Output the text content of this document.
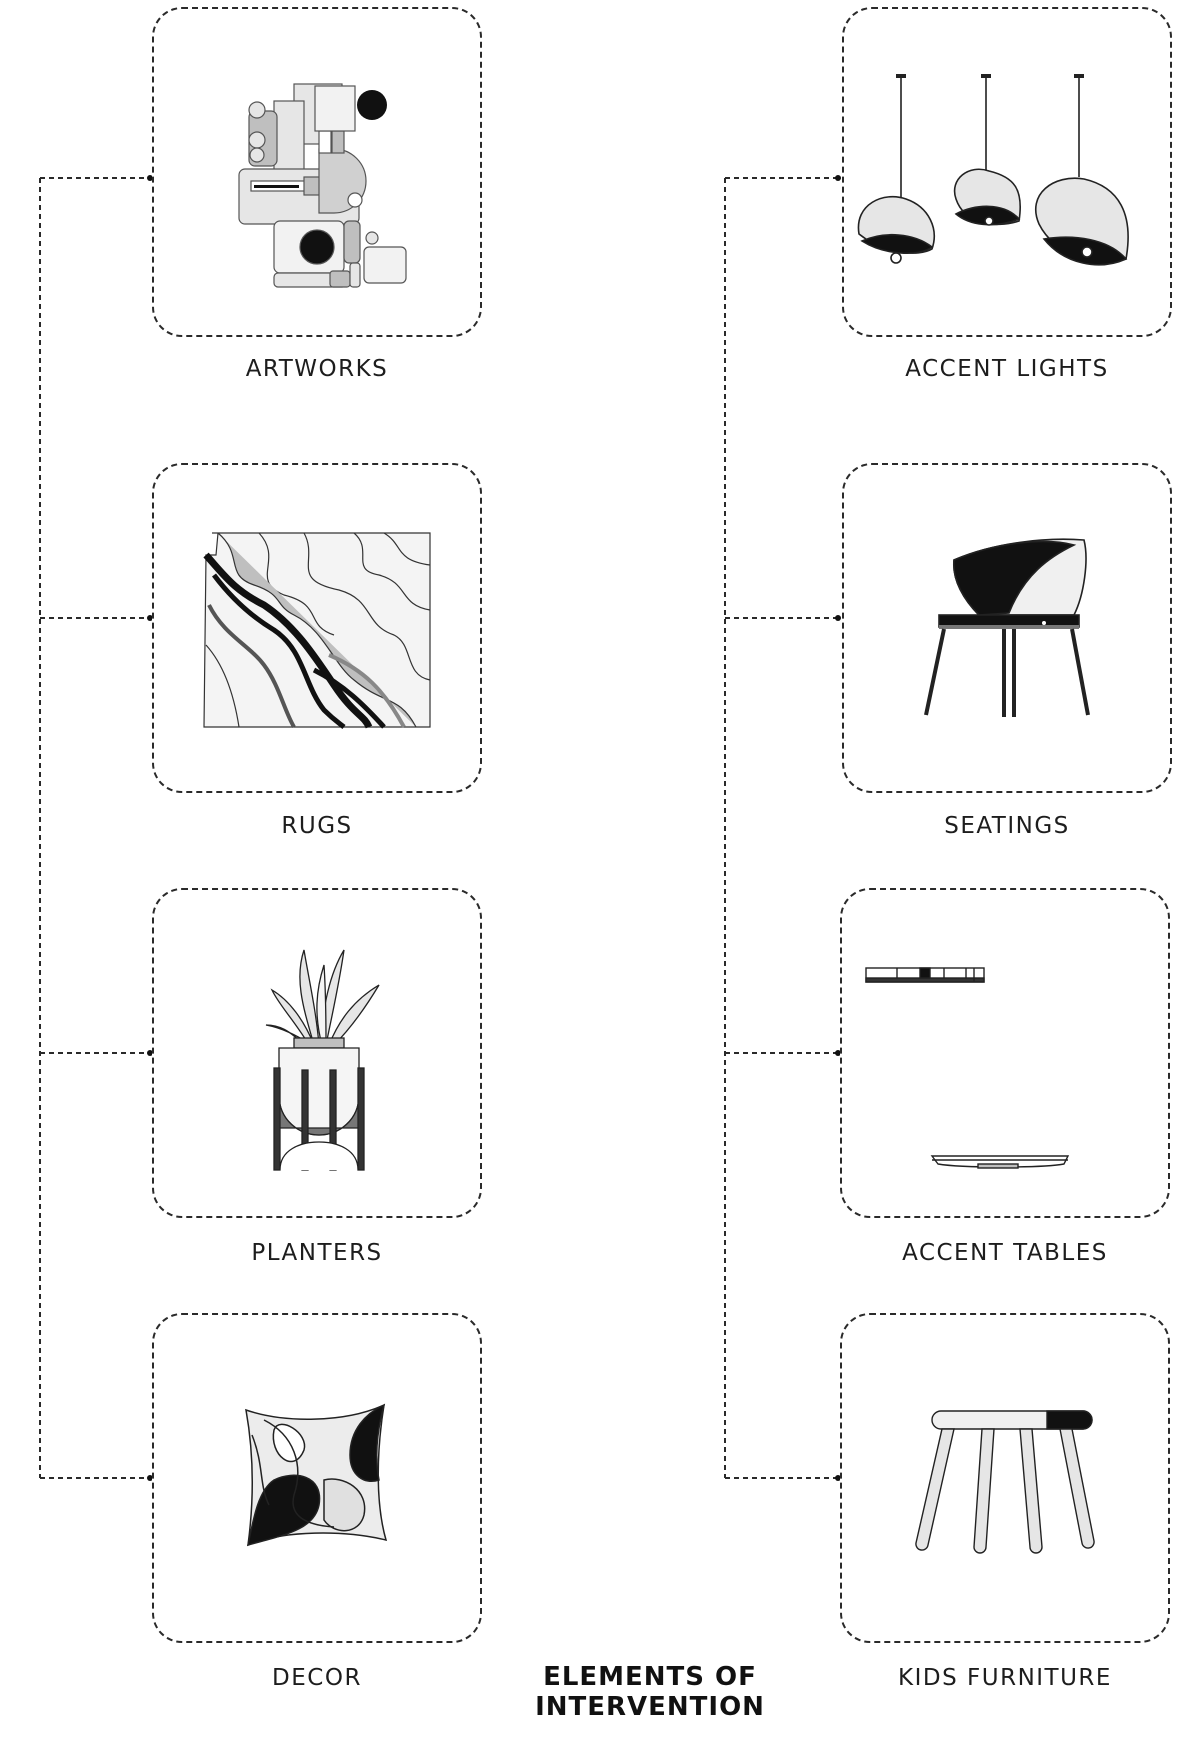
ARTWORKS
RUGS
PLANTERS
DECOR
ACCENT LIGHTS
SEATINGS
ACCENT TABLES
KIDS FURNITURE
ELEMENTS OF INTERVENTION
